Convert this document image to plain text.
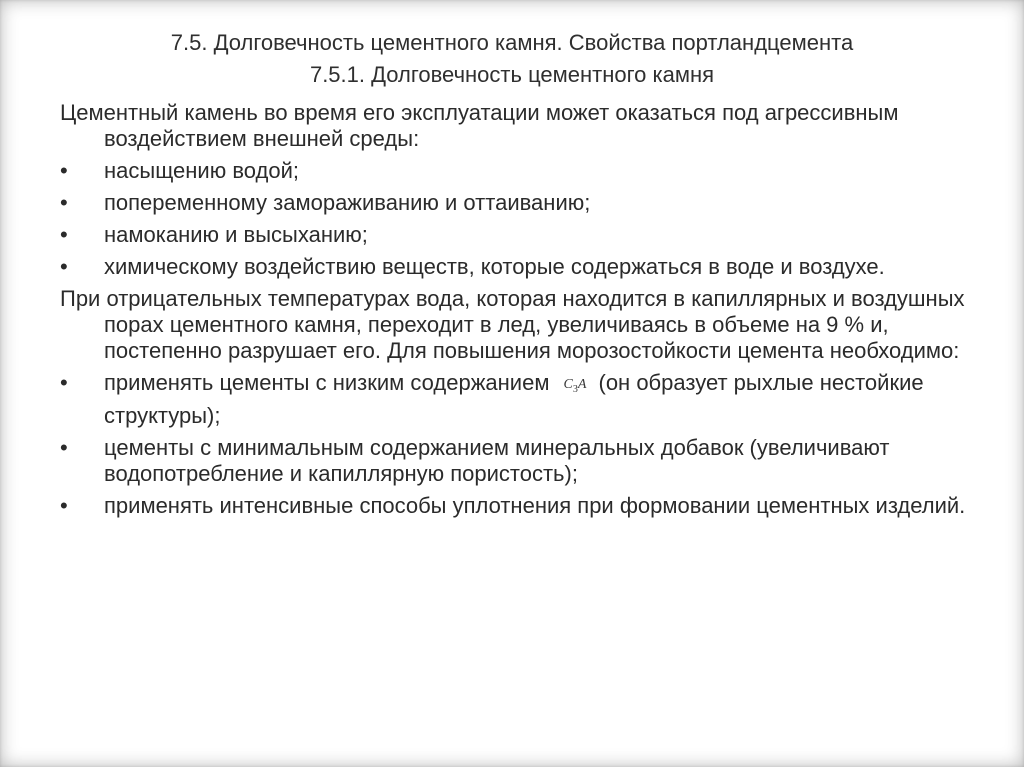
7.5. Долговечность цементного камня. Свойства портландцемента
7.5.1. Долговечность цементного камня

Цементный камень во время его эксплуатации может оказаться под агрессивным воздействием внешней среды:

•	насыщению водой;
•	попеременному замораживанию и оттаиванию;
•	намоканию и высыханию;
•	химическому воздействию веществ, которые содержаться в воде и воздухе.

При отрицательных температурах вода, которая находится в капиллярных и воздушных порах цементного камня, переходит в лед, увеличиваясь в объеме на 9 % и, постепенно разрушает его. Для повышения морозостойкости цемента необходимо:

•	применять цементы с низким содержанием $C_3A$ (он образует рыхлые нестойкие структуры);
•	цементы с минимальным содержанием минеральных добавок (увеличивают водопотребление и капиллярную пористость);
•	применять интенсивные способы уплотнения при формовании цементных изделий.
